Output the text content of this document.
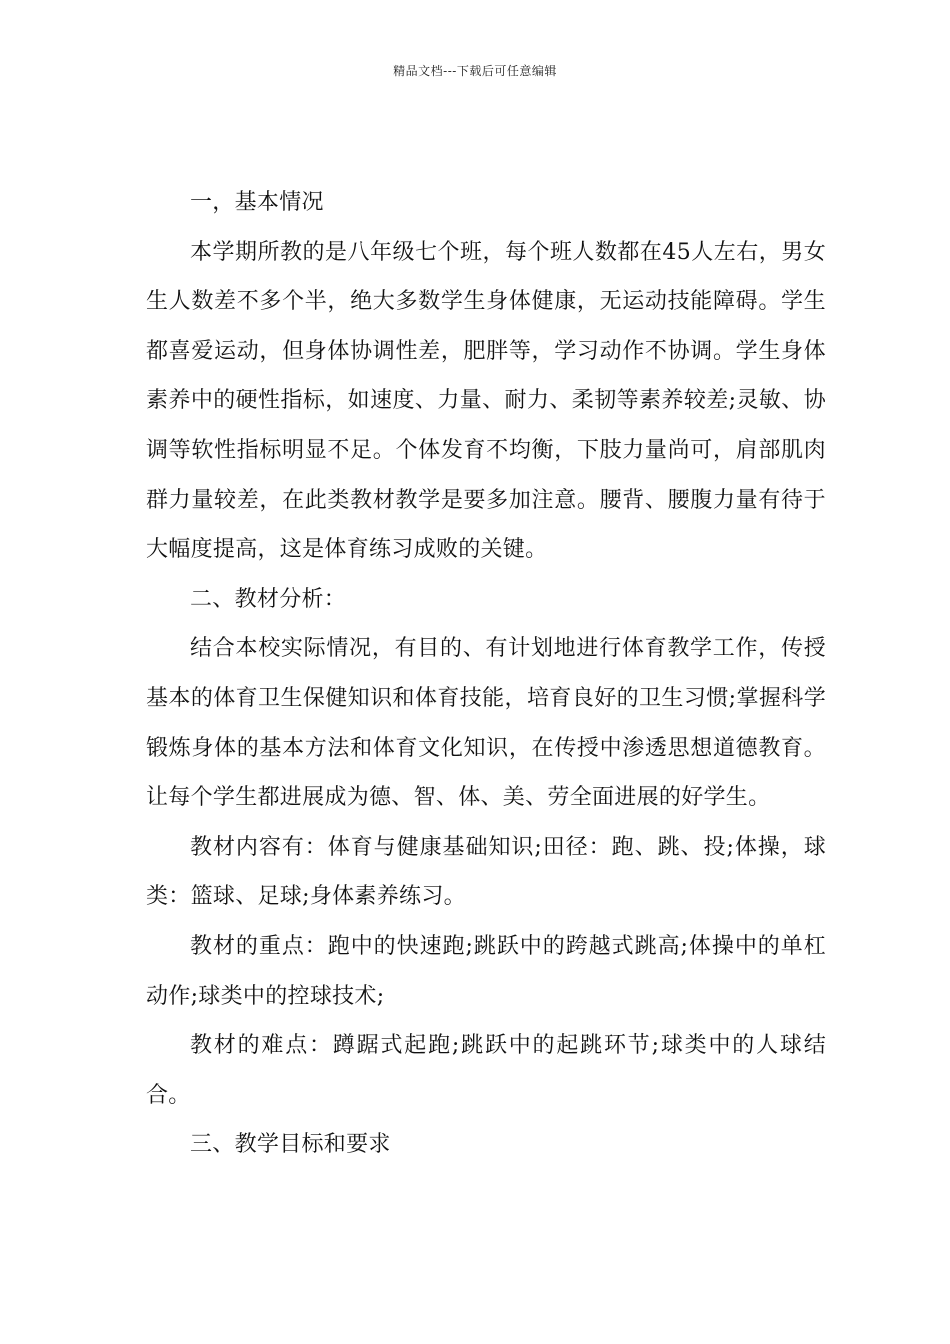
精品文档---下载后可任意编辑

一，基本情况

本学期所教的是八年级七个班，每个班人数都在45人左右，男女生人数差不多个半，绝大多数学生身体健康，无运动技能障碍。学生都喜爱运动，但身体协调性差，肥胖等，学习动作不协调。学生身体素养中的硬性指标，如速度、力量、耐力、柔韧等素养较差;灵敏、协调等软性指标明显不足。个体发育不均衡，下肢力量尚可，肩部肌肉群力量较差，在此类教材教学是要多加注意。腰背、腰腹力量有待于大幅度提高，这是体育练习成败的关键。

二、教材分析：

结合本校实际情况，有目的、有计划地进行体育教学工作，传授基本的体育卫生保健知识和体育技能，培育良好的卫生习惯;掌握科学锻炼身体的基本方法和体育文化知识，在传授中渗透思想道德教育。让每个学生都进展成为德、智、体、美、劳全面进展的好学生。

教材内容有：体育与健康基础知识;田径：跑、跳、投;体操，球类：篮球、足球;身体素养练习。

教材的重点：跑中的快速跑;跳跃中的跨越式跳高;体操中的单杠动作;球类中的控球技术;

教材的难点：蹲踞式起跑;跳跃中的起跳环节;球类中的人球结合。

三、教学目标和要求
